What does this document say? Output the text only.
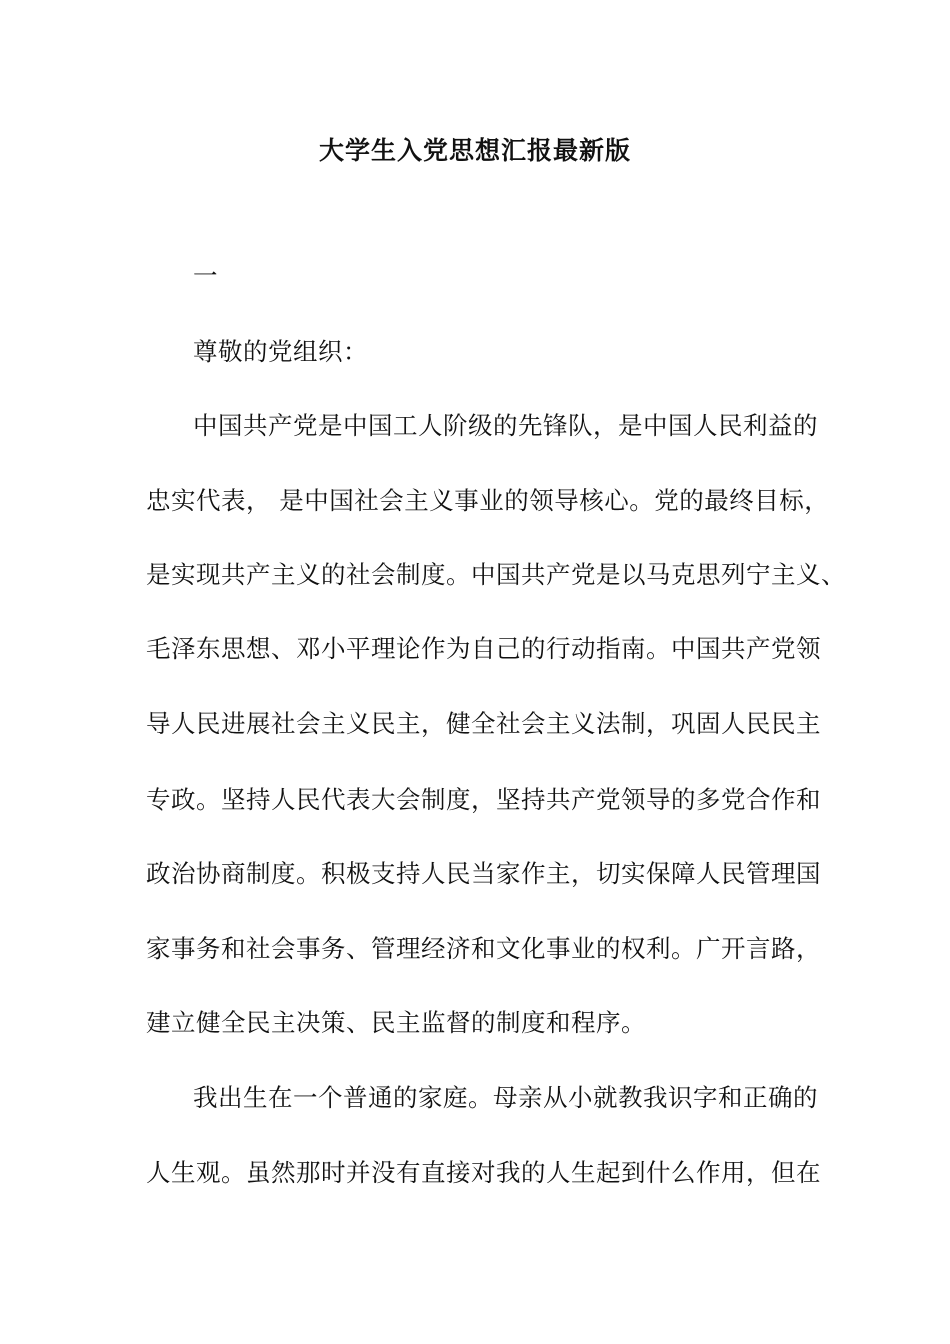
大学生入党思想汇报最新版
一
尊敬的党组织：
中国共产党是中国工人阶级的先锋队，是中国人民利益的
忠实代表， 是中国社会主义事业的领导核心。党的最终目标，
是实现共产主义的社会制度。中国共产党是以马克思列宁主义、
毛泽东思想、邓小平理论作为自己的行动指南。中国共产党领
导人民进展社会主义民主，健全社会主义法制，巩固人民民主
专政。坚持人民代表大会制度，坚持共产党领导的多党合作和
政治协商制度。积极支持人民当家作主，切实保障人民管理国
家事务和社会事务、管理经济和文化事业的权利。广开言路，
建立健全民主决策、民主监督的制度和程序。
我出生在一个普通的家庭。母亲从小就教我识字和正确的
人生观。虽然那时并没有直接对我的人生起到什么作用，但在
